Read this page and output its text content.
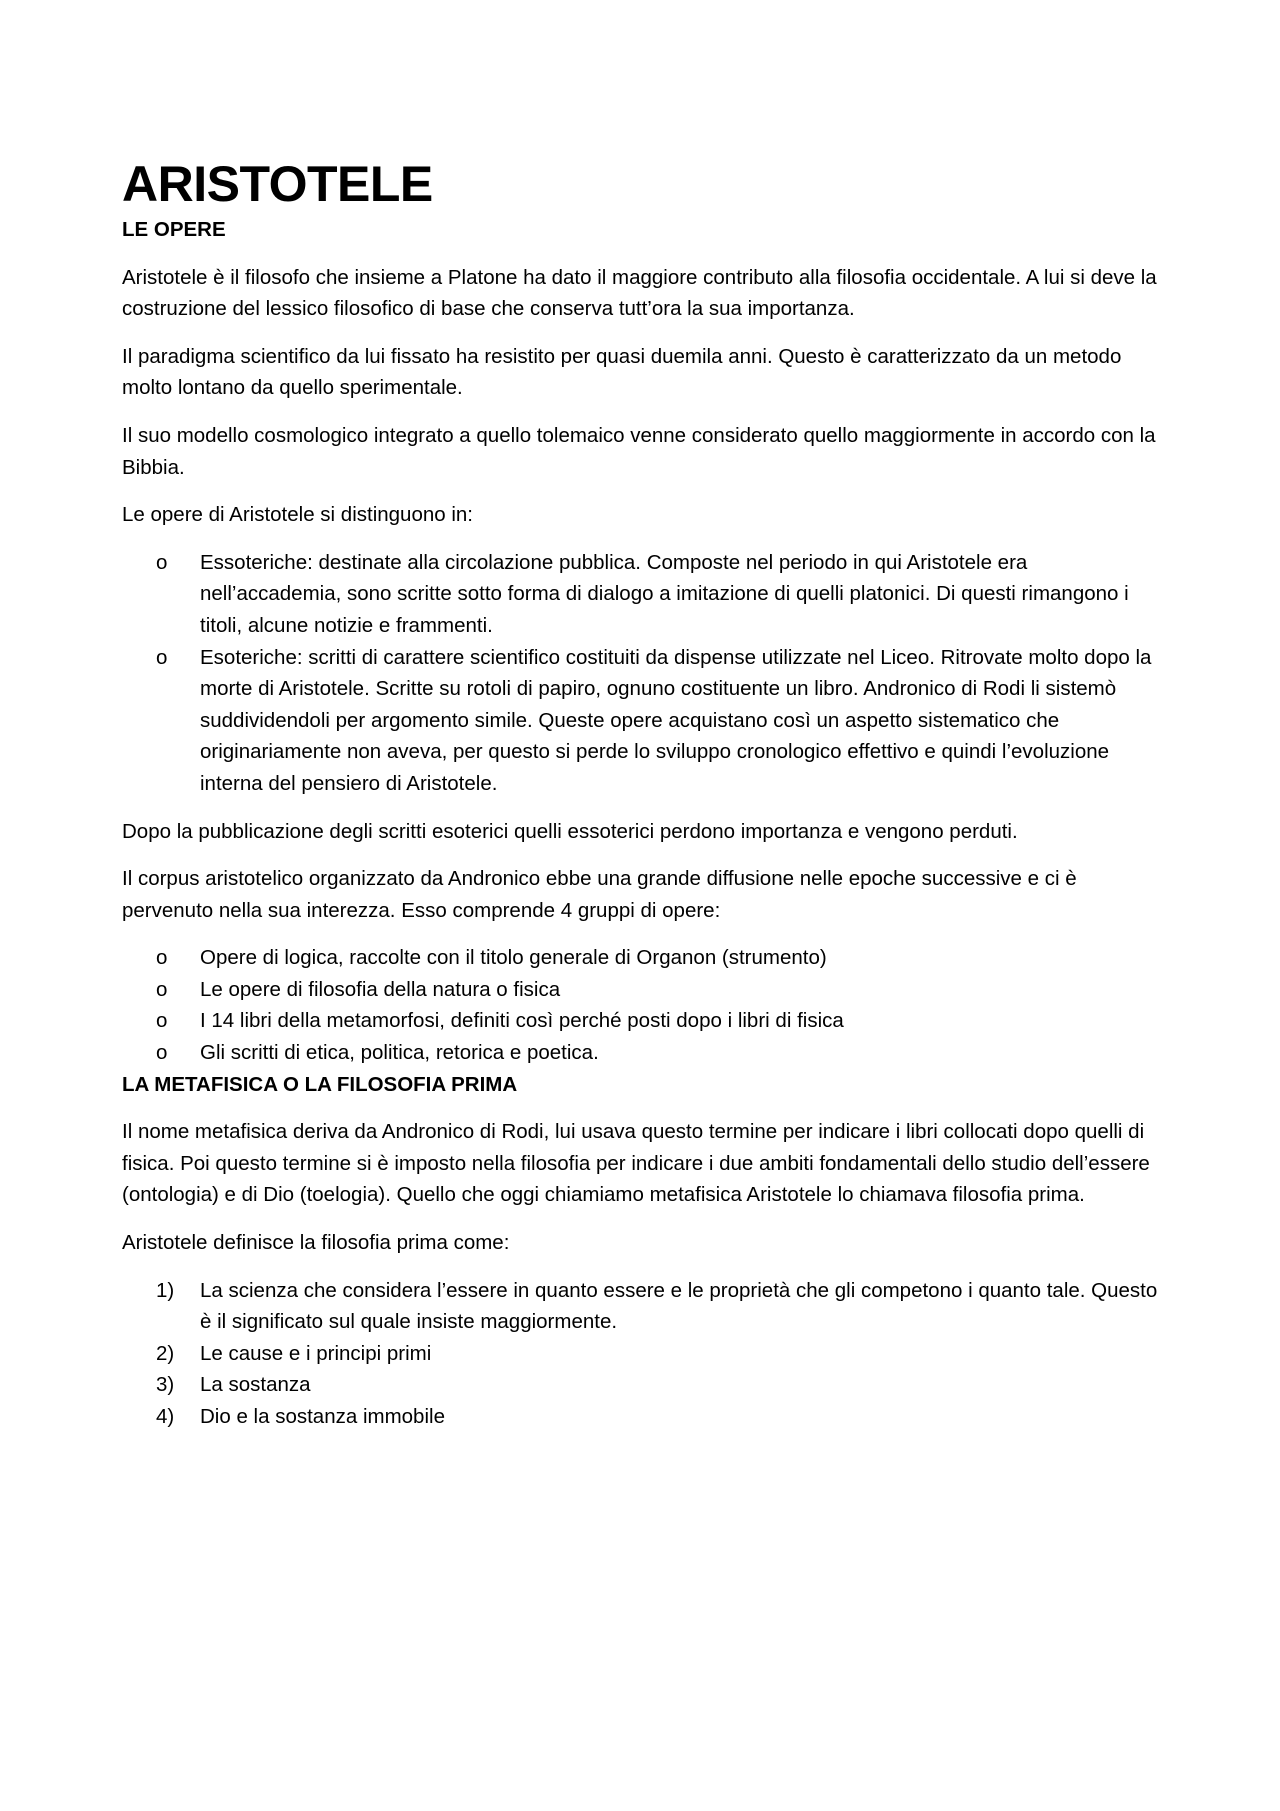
ARISTOTELE
LE OPERE

Aristotele è il filosofo che insieme a Platone ha dato il maggiore contributo alla filosofia occidentale. A lui si deve la costruzione del lessico filosofico di base che conserva tutt’ora la sua importanza.

Il paradigma scientifico da lui fissato ha resistito per quasi duemila anni. Questo è caratterizzato da un metodo molto lontano da quello sperimentale.

Il suo modello cosmologico integrato a quello tolemaico venne considerato quello maggiormente in accordo con la Bibbia.

Le opere di Aristotele si distinguono in:

o Essoteriche: destinate alla circolazione pubblica. Composte nel periodo in qui Aristotele era nell’accademia, sono scritte sotto forma di dialogo a imitazione di quelli platonici. Di questi rimangono i titoli, alcune notizie e frammenti.
o Esoteriche: scritti di carattere scientifico costituiti da dispense utilizzate nel Liceo. Ritrovate molto dopo la morte di Aristotele. Scritte su rotoli di papiro, ognuno costituente un libro. Andronico di Rodi li sistemò suddividendoli per argomento simile. Queste opere acquistano così un aspetto sistematico che originariamente non aveva, per questo si perde lo sviluppo cronologico effettivo e quindi l’evoluzione interna del pensiero di Aristotele.

Dopo la pubblicazione degli scritti esoterici quelli essoterici perdono importanza e vengono perduti.

Il corpus aristotelico organizzato da Andronico ebbe una grande diffusione nelle epoche successive e ci è pervenuto nella sua interezza. Esso comprende 4 gruppi di opere:

o Opere di logica, raccolte con il titolo generale di Organon (strumento)
o Le opere di filosofia della natura o fisica
o I 14 libri della metamorfosi, definiti così perché posti dopo i libri di fisica
o Gli scritti di etica, politica, retorica e poetica.
LA METAFISICA O LA FILOSOFIA PRIMA

Il nome metafisica deriva da Andronico di Rodi, lui usava questo termine per indicare i libri collocati dopo quelli di fisica. Poi questo termine si è imposto nella filosofia per indicare i due ambiti fondamentali dello studio dell’essere (ontologia) e di Dio (toelogia). Quello che oggi chiamiamo metafisica Aristotele lo chiamava filosofia prima.

Aristotele definisce la filosofia prima come:

1) La scienza che considera l’essere in quanto essere e le proprietà che gli competono i quanto tale. Questo è il significato sul quale insiste maggiormente.
2) Le cause e i principi primi
3) La sostanza
4) Dio e la sostanza immobile
